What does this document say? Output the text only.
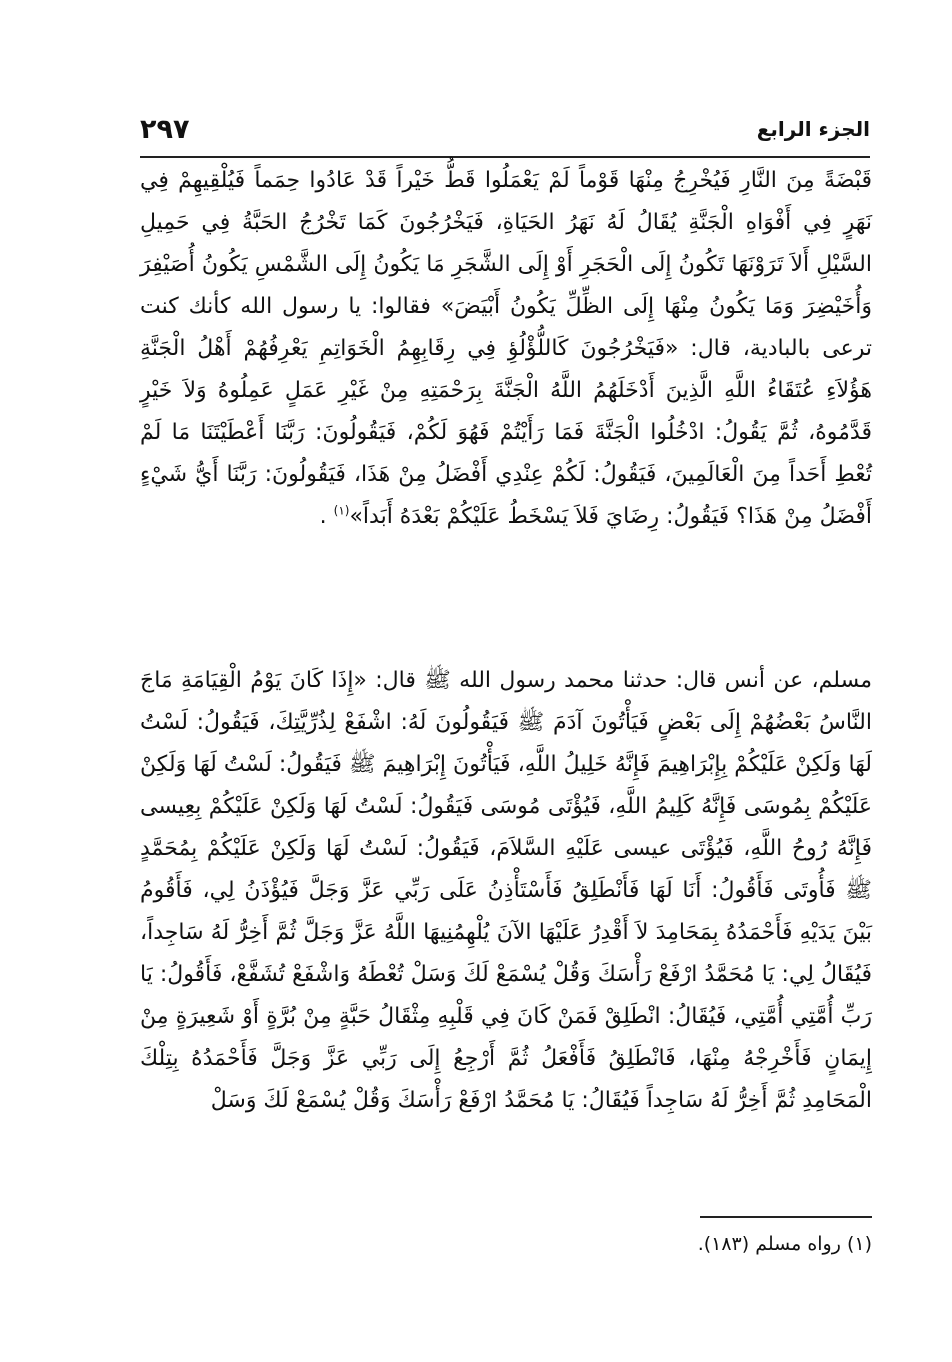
الجزء الرابع
٢٩٧

قَبْضَةً مِنَ النَّارِ فَيُخْرِجُ مِنْهَا قَوْماً لَمْ يَعْمَلُوا قَطُّ خَيْراً قَدْ عَادُوا حِمَماً فَيُلْقِيهِمْ فِي نَهَرٍ فِي أَفْوَاهِ الْجَنَّةِ يُقَالُ لَهُ نَهَرُ الحَيَاةِ، فَيَخْرُجُونَ كَمَا تَخْرُجُ الحَبَّةُ فِي حَمِيلِ السَّيْلِ أَلاَ تَرَوْنَهَا تَكُونُ إِلَى الْحَجَرِ أَوْ إِلَى الشَّجَرِ مَا يَكُونُ إِلَى الشَّمْسِ يَكُونُ أُصَيْفِرَ وَأُخَيْضِرَ وَمَا يَكُونُ مِنْهَا إِلَى الظِّلِّ يَكُونُ أَبْيَضَ» فقالوا: يا رسول الله كأنك كنت ترعى بالبادية، قال: «فَيَخْرُجُونَ كَاللُّؤْلُؤِ فِي رِقَابِهِمُ الْخَوَاتِمِ يَعْرِفُهُمْ أَهْلُ الْجَنَّةِ هَؤُلاَءِ عُتَقَاءُ اللَّهِ الَّذِينَ أَدْخَلَهُمُ اللَّهُ الْجَنَّةَ بِرَحْمَتِهِ مِنْ غَيْرِ عَمَلٍ عَمِلُوهُ وَلاَ خَيْرٍ قَدَّمُوهُ، ثُمَّ يَقُولُ: ادْخُلُوا الْجَنَّةَ فَمَا رَأَيْتُمْ فَهُوَ لَكُمْ، فَيَقُولُونَ: رَبَّنَا أَعْطَيْتَنَا مَا لَمْ تُعْطِ أَحَداً مِنَ الْعَالَمِينَ، فَيَقُولُ: لَكُمْ عِنْدِي أَفْضَلُ مِنْ هَذَا، فَيَقُولُونَ: رَبَّنَا أَيُّ شَيْءٍ أَفْضَلُ مِنْ هَذَا؟ فَيَقُولُ: رِضَايَ فَلاَ يَسْخَطُ عَلَيْكُمْ بَعْدَهُ أَبَداً»$^{(١)}$ .

مسلم، عن أنس قال: حدثنا محمد رسول الله ﷺ قال: «إِذَا كَانَ يَوْمُ الْقِيَامَةِ مَاجَ النَّاسُ بَعْضُهُمْ إِلَى بَعْضٍ فَيَأْتُونَ آدَمَ ﷺ فَيَقُولُونَ لَهُ: اشْفَعْ لِذُرِّيَّتِكَ، فَيَقُولُ: لَسْتُ لَهَا وَلَكِنْ عَلَيْكُمْ بِإِبْرَاهِيمَ فَإِنَّهُ خَلِيلُ اللَّهِ، فَيَأْتُونَ إِبْرَاهِيمَ ﷺ فَيَقُولُ: لَسْتُ لَهَا وَلَكِنْ عَلَيْكُمْ بِمُوسَى فَإِنَّهُ كَلِيمُ اللَّهِ، فَيُؤْتَى مُوسَى فَيَقُولُ: لَسْتُ لَهَا وَلَكِنْ عَلَيْكُمْ بِعِيسى فَإِنَّهُ رُوحُ اللَّهِ، فَيُؤْتَى عيسى عَلَيْهِ السَّلاَمَ، فَيَقُولُ: لَسْتُ لَهَا وَلَكِنْ عَلَيْكُمْ بِمُحَمَّدٍ ﷺ فَأُوتَى فَأَقُولُ: أَنَا لَهَا فَأَنْطَلِقُ فَأَسْتَأْذِنُ عَلَى رَبِّي عَزَّ وَجَلَّ فَيُؤْذَنُ لِي، فَأَقُومُ بَيْنَ يَدَيْهِ فَأَحْمَدُهُ بِمَحَامِدَ لاَ أَقْدِرُ عَلَيْهَا الآنَ يُلْهِمُنِيهَا اللَّهُ عَزَّ وَجَلَّ ثُمَّ أَخِرُّ لَهُ سَاجِداً، فَيُقَالُ لِي: يَا مُحَمَّدُ ارْفَعْ رَأْسَكَ وَقُلْ يُسْمَعْ لَكَ وَسَلْ تُعْطَهُ وَاشْفَعْ تُشَفَّعْ، فَأَقُولُ: يَا رَبِّ أُمَّتِي أُمَّتِي، فَيُقَالُ: انْطَلِقْ فَمَنْ كَانَ فِي قَلْبِهِ مِثْقَالُ حَبَّةٍ مِنْ بُرَّةٍ أَوْ شَعِيرَةٍ مِنْ إِيمَانٍ فَأَخْرِجْهُ مِنْهَا، فَانْطَلِقُ فَأَفْعَلُ ثُمَّ أَرْجِعُ إِلَى رَبِّي عَزَّ وَجَلَّ فَأَحْمَدُهُ بِتِلْكَ الْمَحَامِدِ ثُمَّ أَخِرُّ لَهُ سَاجِداً فَيُقَالُ: يَا مُحَمَّدُ ارْفَعْ رَأْسَكَ وَقُلْ يُسْمَعْ لَكَ وَسَلْ

(١) رواه مسلم (١٨٣).
